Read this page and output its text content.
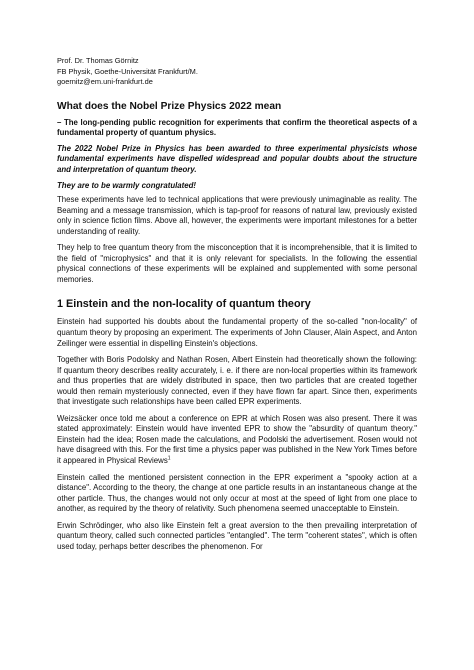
Prof. Dr. Thomas Görnitz
FB Physik, Goethe-Universität Frankfurt/M.
goernitz@em.uni-frankfurt.de
What does the Nobel Prize Physics 2022 mean

– The long-pending public recognition for experiments that confirm the theoretical aspects of a fundamental property of quantum physics.

The 2022 Nobel Prize in Physics has been awarded to three experimental physicists whose fundamental experiments have dispelled widespread and popular doubts about the structure and interpretation of quantum theory.

They are to be warmly congratulated!

These experiments have led to technical applications that were previously unimaginable as reality. The Beaming and a message transmission, which is tap-proof for reasons of natural law, previously existed only in science fiction films. Above all, however, the experiments were important milestones for a better understanding of reality.

They help to free quantum theory from the misconception that it is incomprehensible, that it is limited to the field of "microphysics" and that it is only relevant for specialists. In the following the essential physical connections of these experiments will be explained and supplemented with some personal memories.

1 Einstein and the non-locality of quantum theory

Einstein had supported his doubts about the fundamental property of the so-called "non-locality" of quantum theory by proposing an experiment. The experiments of John Clauser, Alain Aspect, and Anton Zeilinger were essential in dispelling Einstein's objections.

Together with Boris Podolsky and Nathan Rosen, Albert Einstein had theoretically shown the following: If quantum theory describes reality accurately, i. e. if there are non-local properties within its framework and thus properties that are widely distributed in space, then two particles that are created together would then remain mysteriously connected, even if they have flown far apart. Since then, experiments that investigate such relationships have been called EPR experiments.

Weizsäcker once told me about a conference on EPR at which Rosen was also present. There it was stated approximately: Einstein would have invented EPR to show the "absurdity of quantum theory." Einstein had the idea; Rosen made the calculations, and Podolski the advertisement. Rosen would not have disagreed with this. For the first time a physics paper was published in the New York Times before it appeared in Physical Reviews$^1$

Einstein called the mentioned persistent connection in the EPR experiment a "spooky action at a distance". According to the theory, the change at one particle results in an instantaneous change at the other particle. Thus, the changes would not only occur at most at the speed of light from one place to another, as required by the theory of relativity. Such phenomena seemed unacceptable to Einstein.

Erwin Schrödinger, who also like Einstein felt a great aversion to the then prevailing interpretation of quantum theory, called such connected particles "entangled". The term "coherent states", which is often used today, perhaps better describes the phenomenon. For
